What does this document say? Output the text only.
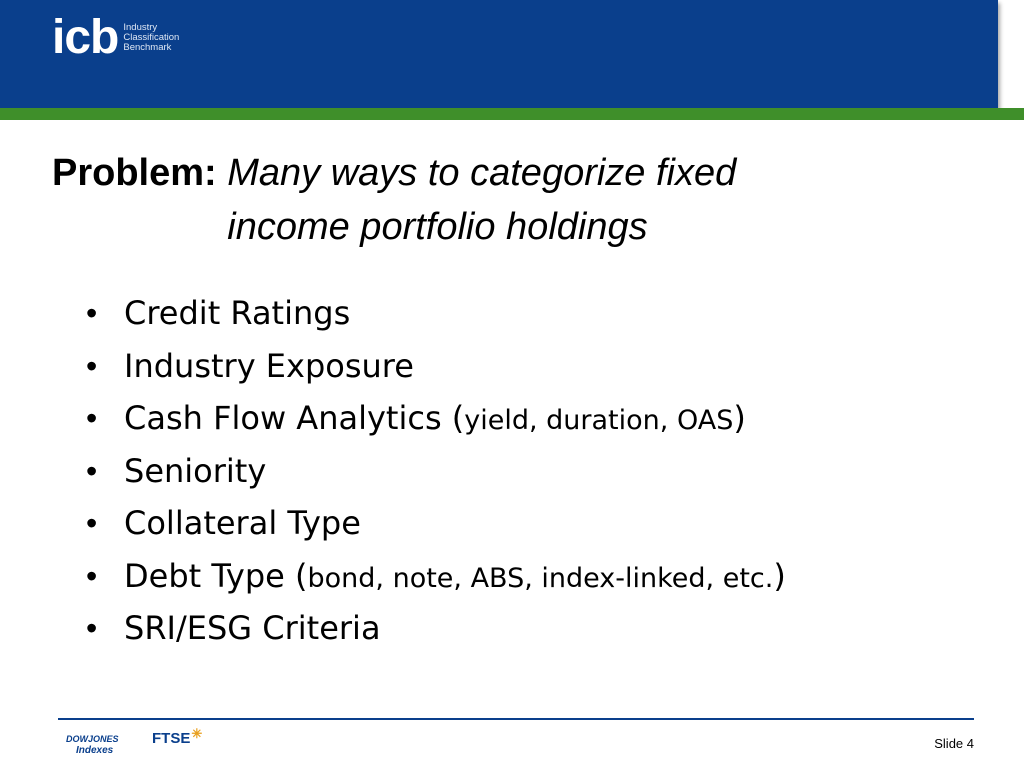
icb Industry
Classification
Benchmark
Problem: Many ways to categorize fixed income portfolio holdings
• Credit Ratings
• Industry Exposure
• Cash Flow Analytics ( yield, duration, OAS )
• Seniority
• Collateral Type
• Debt Type ( bond, note, ABS, index-linked, etc. )
• SRI/ESG Criteria
DOWJONES
Indexes
FTSE ✳
Slide 4
